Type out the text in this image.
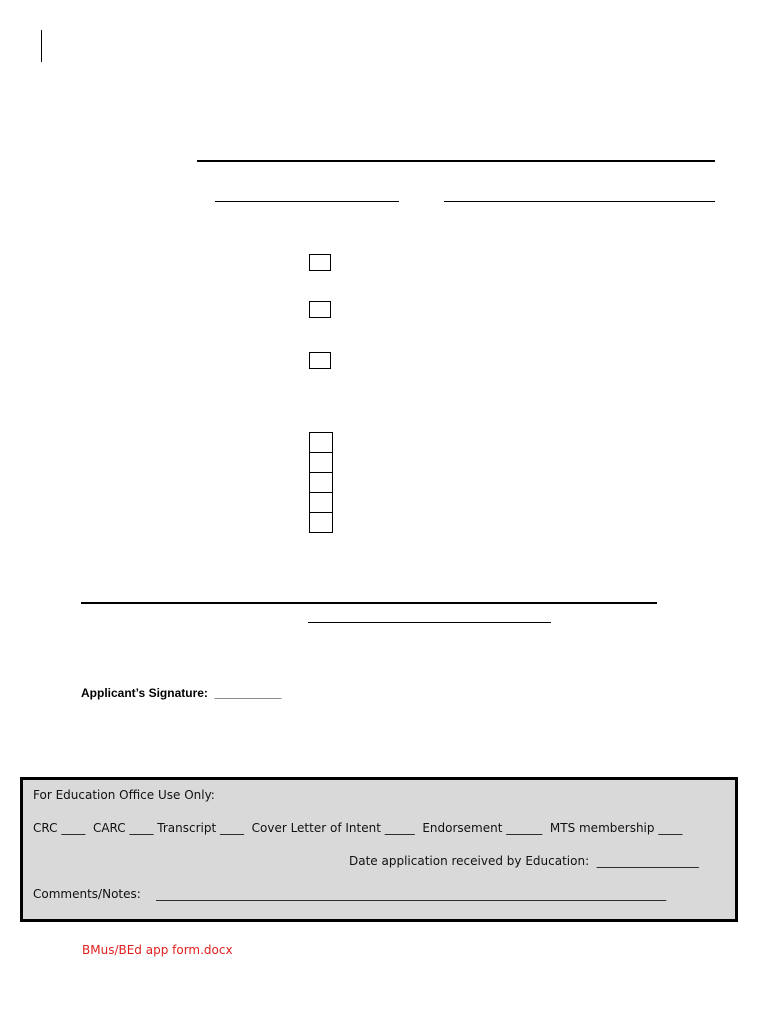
Applicant’s Signature: __________
For Education Office Use Only:
CRC ____  CARC ____ Transcript ____  Cover Letter of Intent _____  Endorsement ______  MTS membership ____
Date application received by Education:  _________________
Comments/Notes: _____________________________________________________________________________________
BMus/BEd app form.docx
